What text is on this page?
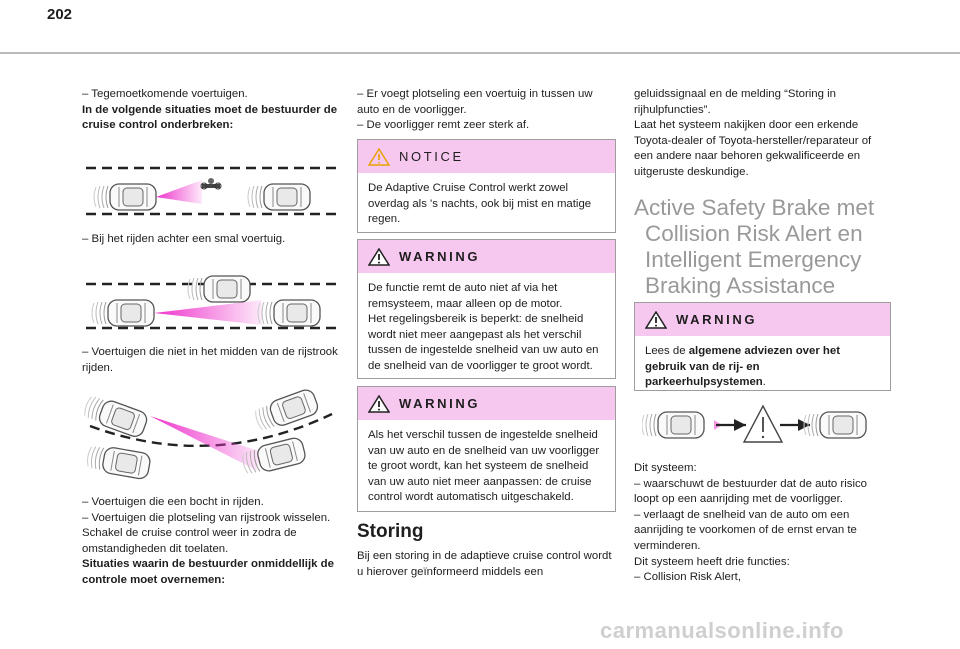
202

– Tegemoetkomende voertuigen.

In de volgende situaties moet de bestuurder de cruise control onderbreken:

– Bij het rijden achter een smal voertuig.

– Voertuigen die niet in het midden van de rijstrook rijden.

– Voertuigen die een bocht in rijden.

– Voertuigen die plotseling van rijstrook wisselen.

Schakel de cruise control weer in zodra de omstandigheden dit toelaten.

Situaties waarin de bestuurder onmiddellijk de controle moet overnemen:

– Er voegt plotseling een voertuig in tussen uw auto en de voorligger.

– De voorligger remt zeer sterk af.

NOTICE

De Adaptive Cruise Control werkt zowel overdag als 's nachts, ook bij mist en matige regen.

WARNING

De functie remt de auto niet af via het remsysteem, maar alleen op de motor.

Het regelingsbereik is beperkt: de snelheid wordt niet meer aangepast als het verschil tussen de ingestelde snelheid van uw auto en de snelheid van de voorligger te groot wordt.

WARNING

Als het verschil tussen de ingestelde snelheid van uw auto en de snelheid van uw voorligger te groot wordt, kan het systeem de snelheid van uw auto niet meer aanpassen: de cruise control wordt automatisch uitgeschakeld.

Storing

Bij een storing in de adaptieve cruise control wordt u hierover geïnformeerd middels een

geluidssignaal en de melding “Storing in rijhulpfuncties”.

Laat het systeem nakijken door een erkende Toyota-dealer of Toyota-hersteller/reparateur of een andere naar behoren gekwalificeerde en uitgeruste deskundige.

Active Safety Brake met
Collision Risk Alert en
Intelligent Emergency
Braking Assistance
WARNING

Lees de algemene adviezen over het gebruik van de rij- en parkeerhulpsystemen.

Dit systeem:

– waarschuwt de bestuurder dat de auto risico loopt op een aanrijding met de voorligger.

– verlaagt de snelheid van de auto om een aanrijding te voorkomen of de ernst ervan te verminderen.

Dit systeem heeft drie functies:

– Collision Risk Alert,

carmanualsonline.info
